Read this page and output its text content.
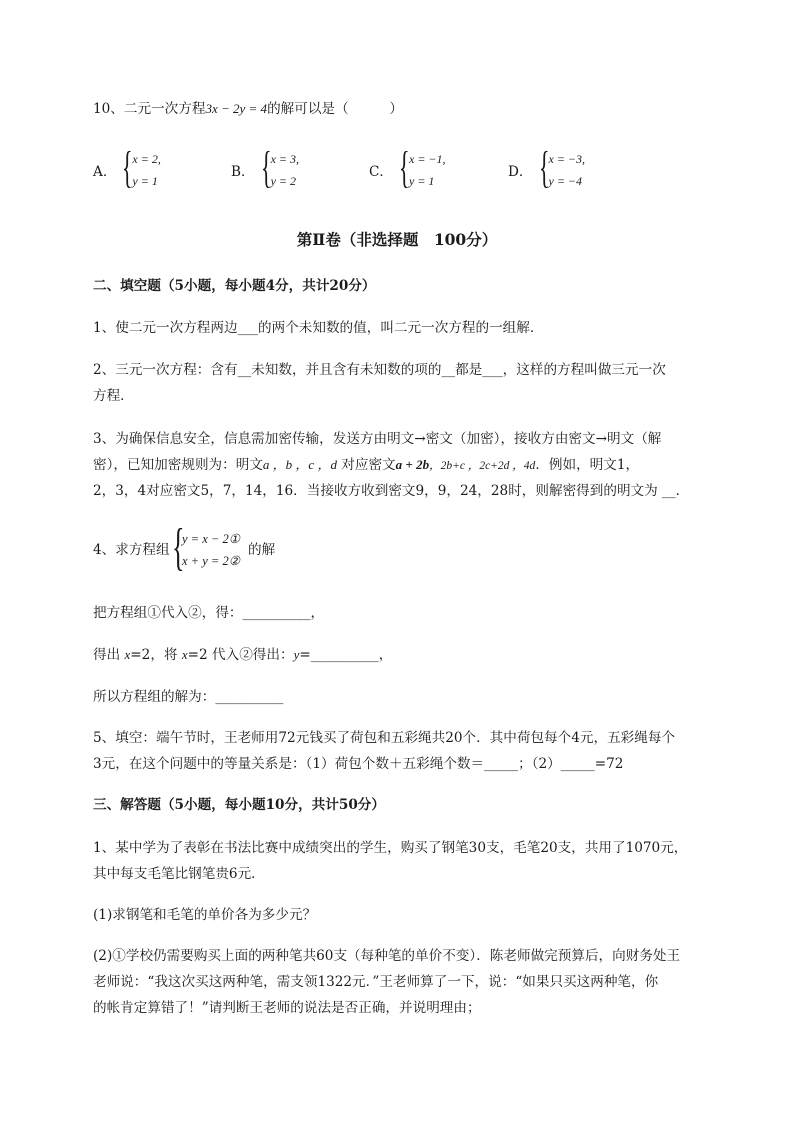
10、二元一次方程3x − 2y = 4的解可以是（　　　）
A． { x = 2,
y = 1
B． { x = 3,
y = 2
C． { x = −1,
y = 1
D． { x = −3,
y = −4
第Ⅱ卷（非选择题　100分）
二、填空题（5小题，每小题4分，共计20分）
1、使二元一次方程两边___的两个未知数的值，叫二元一次方程的一组解．
2、三元一次方程：含有__未知数，并且含有未知数的项的__都是___，这样的方程叫做三元一次
方程．
3、为确保信息安全，信息需加密传输，发送方由明文→密文（加密），接收方由密文→明文（解
密），已知加密规则为：明文a ，b ，c ，d 对应密文a + 2b，2b+c ，2c+2d ，4d．例如，明文1，
2，3，4对应密文5，7，14，16．当接收方收到密文9，9，24，28时，则解密得到的明文为 __．
4、求方程组 {
y = x − 2①
x + y = 2②
的解
把方程组①代入②，得：__________，
得出 x=2，将 x=2 代入②得出：y=__________，
所以方程组的解为：__________
5、填空：端午节时，王老师用72元钱买了荷包和五彩绳共20个．其中荷包每个4元，五彩绳每个
3元，在这个问题中的等量关系是：（1）荷包个数＋五彩绳个数＝_____；（2）_____=72
三、解答题（5小题，每小题10分，共计50分）
1、某中学为了表彰在书法比赛中成绩突出的学生，购买了钢笔30支，毛笔20支，共用了1070元，
其中每支毛笔比钢笔贵6元．
(1)求钢笔和毛笔的单价各为多少元？
(2)①学校仍需要购买上面的两种笔共60支（每种笔的单价不变）．陈老师做完预算后，向财务处王
老师说：“我这次买这两种笔，需支领1322元．”王老师算了一下，说：“如果只买这两种笔，你
的帐肯定算错了！”请判断王老师的说法是否正确，并说明理由；
